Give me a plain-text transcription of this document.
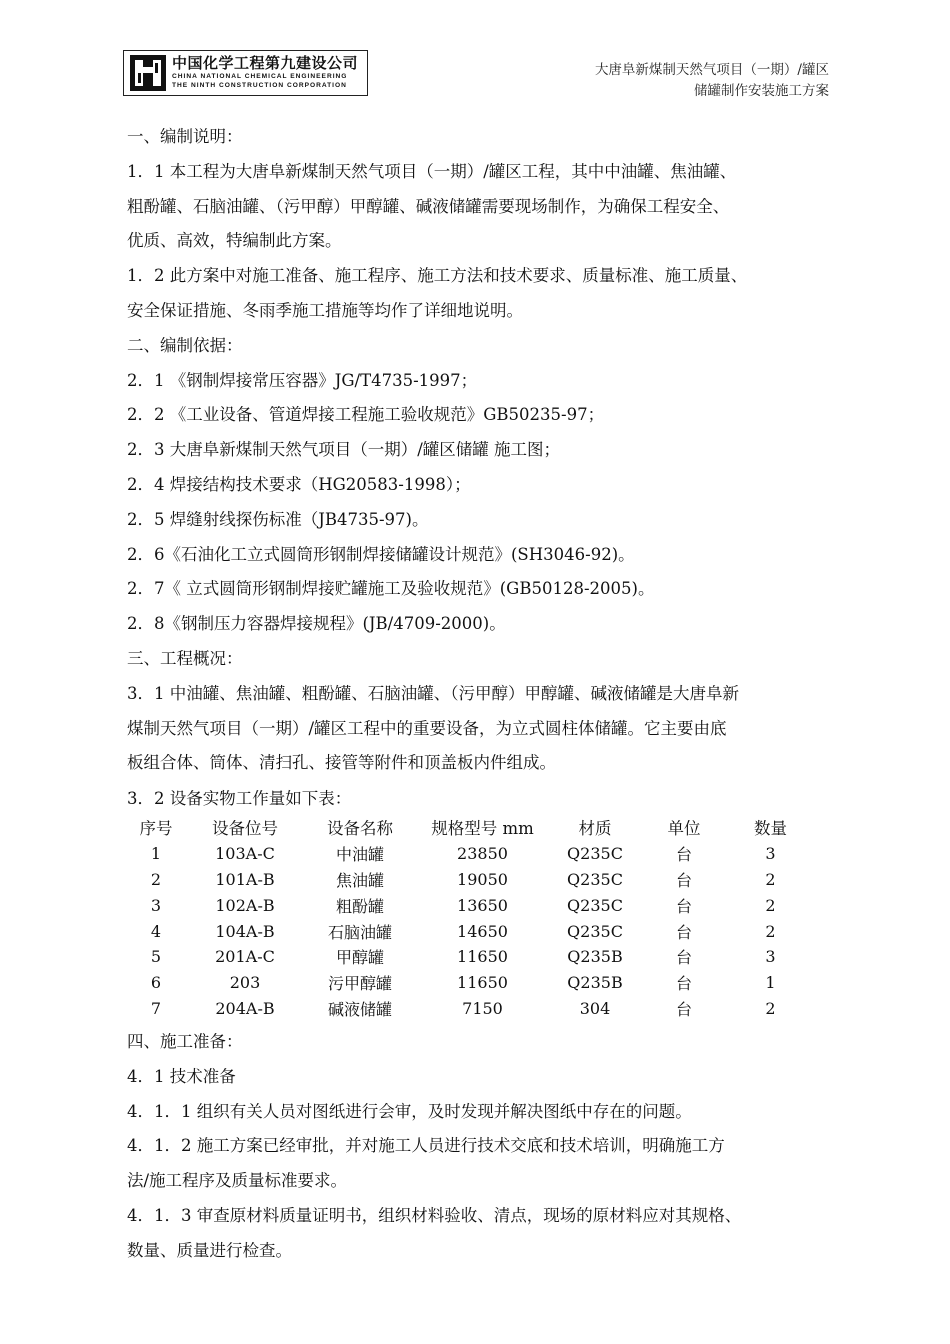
中国化学工程第九建设公司
CHINA NATIONAL CHEMICAL ENGINEERING
THE NINTH CONSTRUCTION CORPORATION
大唐阜新煤制天然气项目（一期）/罐区
储罐制作安装施工方案

一、编制说明：

1．1 本工程为大唐阜新煤制天然气项目（一期）/罐区工程，其中中油罐、焦油罐、

粗酚罐、石脑油罐、（污甲醇）甲醇罐、碱液储罐需要现场制作，为确保工程安全、

优质、高效，特编制此方案。

1．2 此方案中对施工准备、施工程序、施工方法和技术要求、质量标准、施工质量、

安全保证措施、冬雨季施工措施等均作了详细地说明。

二、编制依据：

2．1 《钢制焊接常压容器》JG/T4735-1997；

2．2 《工业设备、管道焊接工程施工验收规范》GB50235-97；

2．3 大唐阜新煤制天然气项目（一期）/罐区储罐 施工图；

2．4 焊接结构技术要求（HG20583-1998）；

2．5 焊缝射线探伤标准（JB4735-97)。

2．6《石油化工立式圆筒形钢制焊接储罐设计规范》(SH3046-92)。

2．7《 立式圆筒形钢制焊接贮罐施工及验收规范》(GB50128-2005)。

2．8《钢制压力容器焊接规程》(JB/4709-2000)。

三、工程概况：

3．1 中油罐、焦油罐、粗酚罐、石脑油罐、（污甲醇）甲醇罐、碱液储罐是大唐阜新

煤制天然气项目（一期）/罐区工程中的重要设备，为立式圆柱体储罐。它主要由底

板组合体、筒体、清扫孔、接管等附件和顶盖板内件组成。

3．2 设备实物工作量如下表：

序号	设备位号	设备名称	规格型号 mm	材质	单位	数量
1	103A-C	中油罐	23850	Q235C	台	3
2	101A-B	焦油罐	19050	Q235C	台	2
3	102A-B	粗酚罐	13650	Q235C	台	2
4	104A-B	石脑油罐	14650	Q235C	台	2
5	201A-C	甲醇罐	11650	Q235B	台	3
6	203	污甲醇罐	11650	Q235B	台	1
7	204A-B	碱液储罐	7150	304	台	2

四、施工准备：

4．1 技术准备

4．1．1 组织有关人员对图纸进行会审，及时发现并解决图纸中存在的问题。

4．1．2 施工方案已经审批，并对施工人员进行技术交底和技术培训，明确施工方

法/施工程序及质量标准要求。

4．1．3 审查原材料质量证明书，组织材料验收、清点，现场的原材料应对其规格、

数量、质量进行检查。
